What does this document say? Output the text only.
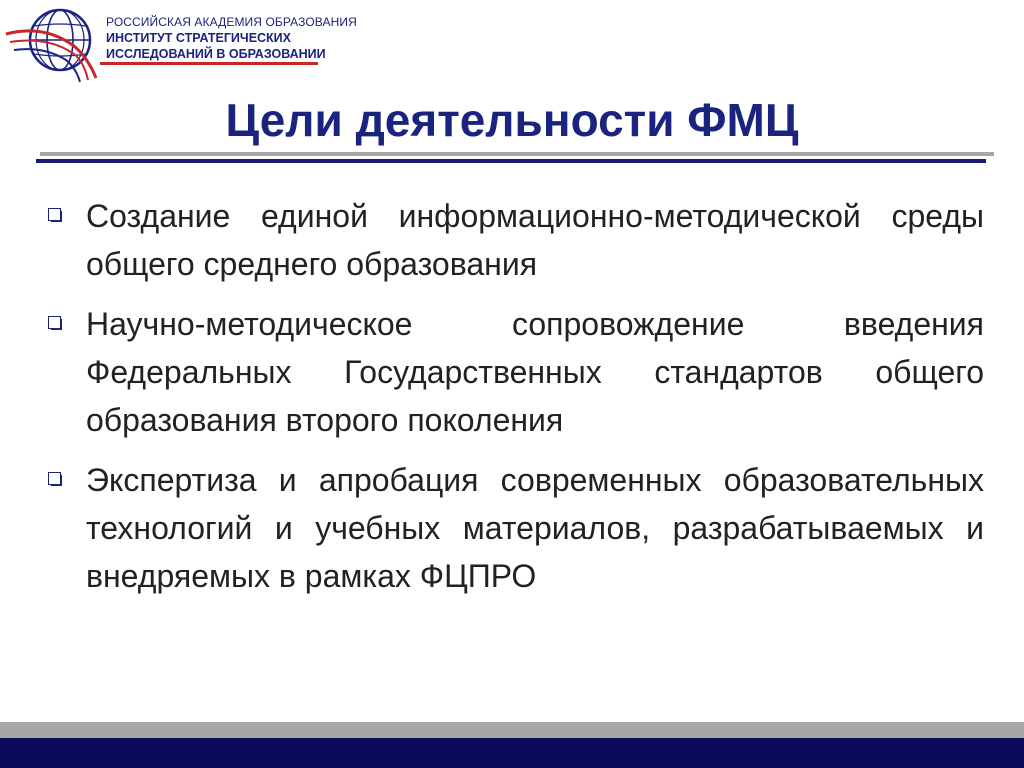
РОССИЙСКАЯ АКАДЕМИЯ ОБРАЗОВАНИЯ
ИНСТИТУТ СТРАТЕГИЧЕСКИХ
ИССЛЕДОВАНИЙ В ОБРАЗОВАНИИ
Цели деятельности ФМЦ
Создание единой информационно-методической среды общего среднего образования
Научно-методическое сопровождение введения Федеральных Государственных стандартов общего образования второго поколения
Экспертиза и апробация современных образовательных технологий и учебных материалов, разрабатываемых и внедряемых в рамках ФЦПРО
